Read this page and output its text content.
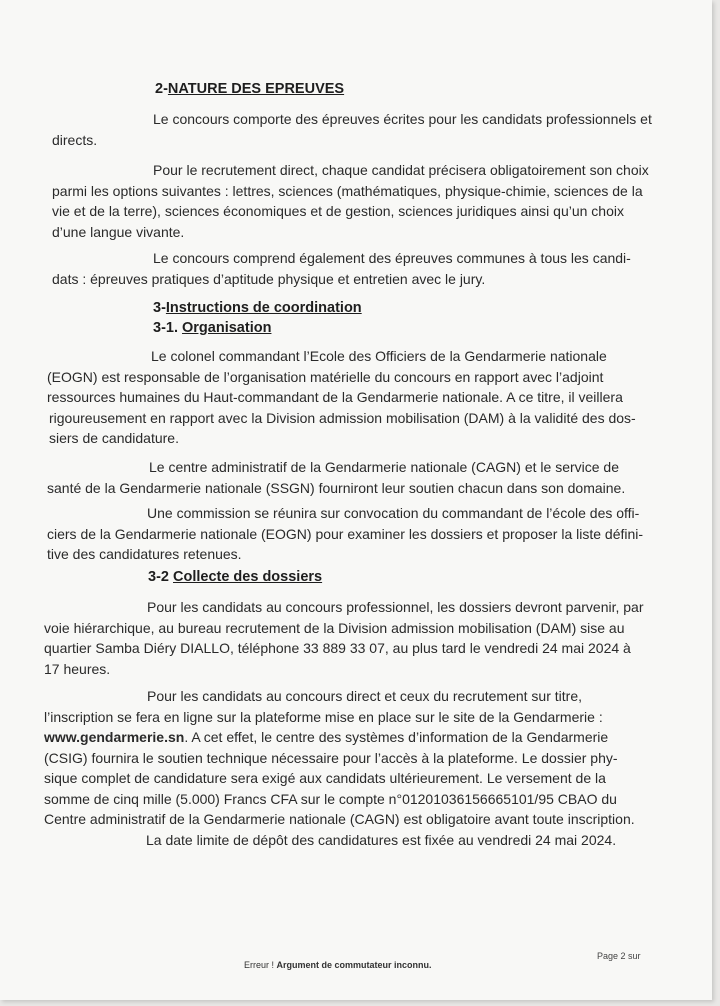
2-NATURE DES EPREUVES
Le concours comporte des épreuves écrites pour les candidats professionnels et
directs.
Pour le recrutement direct, chaque candidat précisera obligatoirement son choix
parmi les options suivantes : lettres, sciences (mathématiques, physique-chimie, sciences de la
vie et de la terre), sciences économiques et de gestion, sciences juridiques ainsi qu’un choix
d’une langue vivante.
Le concours comprend également des épreuves communes à tous les candi-
dats : épreuves pratiques d’aptitude physique et entretien avec le jury.
3-Instructions de coordination
3-1. Organisation
Le colonel commandant l’Ecole des Officiers de la Gendarmerie nationale
(EOGN) est responsable de l’organisation matérielle du concours en rapport avec l’adjoint
ressources humaines du Haut-commandant de la Gendarmerie nationale. A ce titre, il veillera
rigoureusement en rapport avec la Division admission mobilisation (DAM) à la validité des dos-
siers de candidature.
Le centre administratif de la Gendarmerie nationale (CAGN) et le service de
santé de la Gendarmerie nationale (SSGN) fourniront leur soutien chacun dans son domaine.
Une commission se réunira sur convocation du commandant de l’école des offi-
ciers de la Gendarmerie nationale (EOGN) pour examiner les dossiers et proposer la liste défini-
tive des candidatures retenues.
3-2 Collecte des dossiers
Pour les candidats au concours professionnel, les dossiers devront parvenir, par
voie hiérarchique, au bureau recrutement de la Division admission mobilisation (DAM) sise au
quartier Samba Diéry DIALLO, téléphone 33 889 33 07, au plus tard le vendredi 24 mai 2024 à
17 heures.
Pour les candidats au concours direct et ceux du recrutement sur titre,
l’inscription se fera en ligne sur la plateforme mise en place sur le site de la Gendarmerie :
www.gendarmerie.sn. A cet effet, le centre des systèmes d’information de la Gendarmerie
(CSIG) fournira le soutien technique nécessaire pour l’accès à la plateforme. Le dossier phy-
sique complet de candidature sera exigé aux candidats ultérieurement. Le versement de la
somme de cinq mille (5.000) Francs CFA sur le compte n°01201036156665101/95 CBAO du
Centre administratif de la Gendarmerie nationale (CAGN) est obligatoire avant toute inscription.
La date limite de dépôt des candidatures est fixée au vendredi 24 mai 2024.
Erreur ! Argument de commutateur inconnu.
Page 2 sur
